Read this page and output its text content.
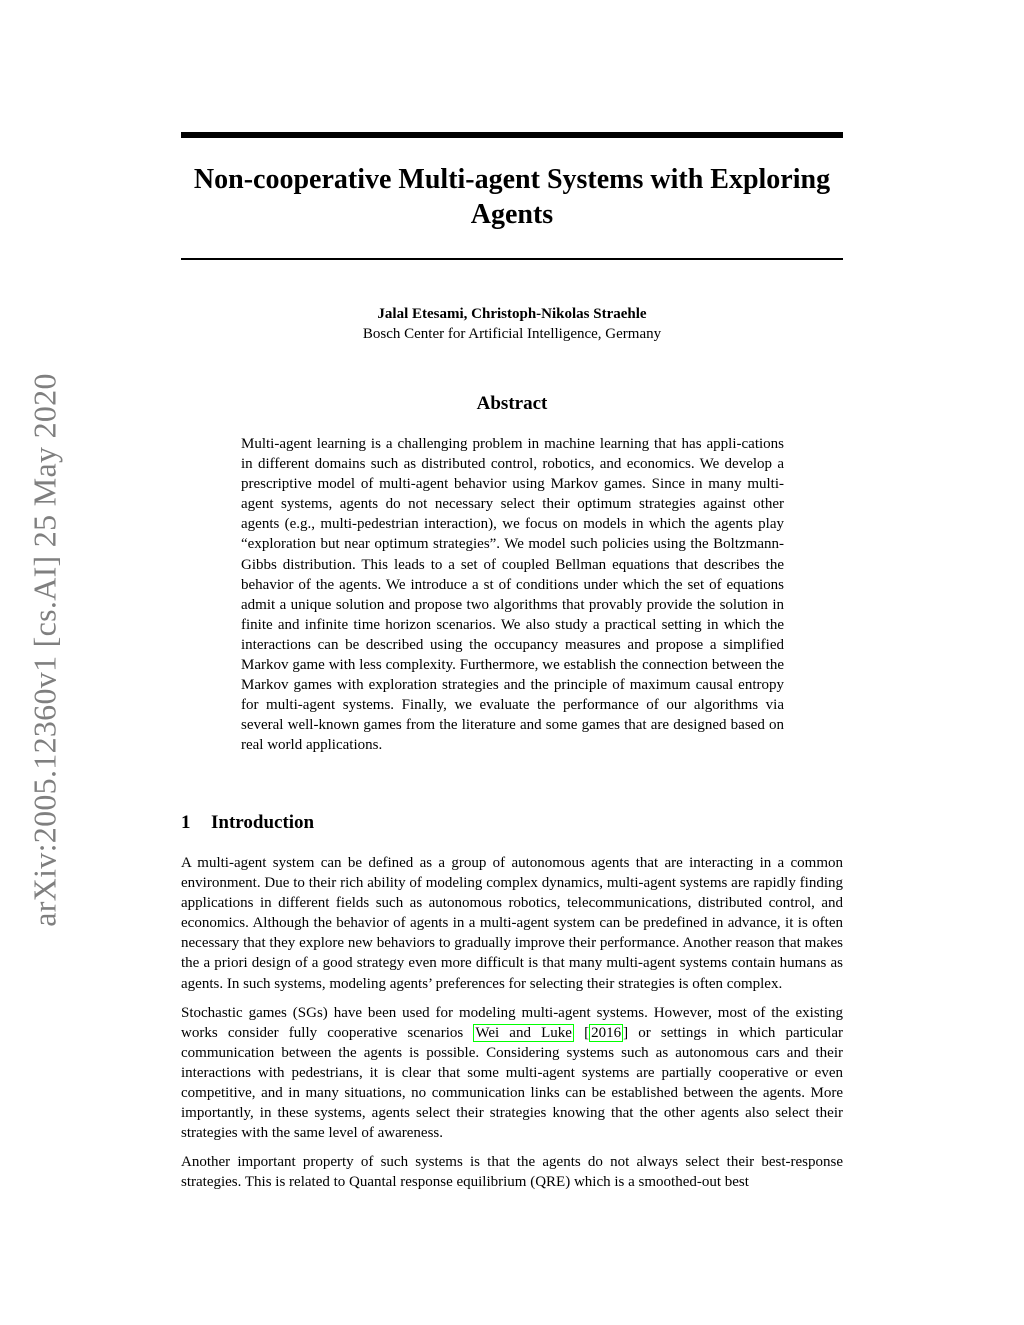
arXiv:2005.12360v1 [cs.AI] 25 May 2020
Non-cooperative Multi-agent Systems with Exploring Agents
Jalal Etesami, Christoph-Nikolas Straehle
Bosch Center for Artificial Intelligence, Germany
Abstract
Multi-agent learning is a challenging problem in machine learning that has appli-cations in different domains such as distributed control, robotics, and economics. We develop a prescriptive model of multi-agent behavior using Markov games. Since in many multi-agent systems, agents do not necessary select their optimum strategies against other agents (e.g., multi-pedestrian interaction), we focus on models in which the agents play “exploration but near optimum strategies”. We model such policies using the Boltzmann-Gibbs distribution. This leads to a set of coupled Bellman equations that describes the behavior of the agents. We introduce a st of conditions under which the set of equations admit a unique solution and propose two algorithms that provably provide the solution in finite and infinite time horizon scenarios. We also study a practical setting in which the interactions can be described using the occupancy measures and propose a simplified Markov game with less complexity. Furthermore, we establish the connection between the Markov games with exploration strategies and the principle of maximum causal entropy for multi-agent systems. Finally, we evaluate the performance of our algorithms via several well-known games from the literature and some games that are designed based on real world applications.
1 Introduction

A multi-agent system can be defined as a group of autonomous agents that are interacting in a common environment. Due to their rich ability of modeling complex dynamics, multi-agent systems are rapidly finding applications in different fields such as autonomous robotics, telecommunications, distributed control, and economics. Although the behavior of agents in a multi-agent system can be predefined in advance, it is often necessary that they explore new behaviors to gradually improve their performance. Another reason that makes the a priori design of a good strategy even more difficult is that many multi-agent systems contain humans as agents. In such systems, modeling agents’ preferences for selecting their strategies is often complex.

Stochastic games (SGs) have been used for modeling multi-agent systems. However, most of the existing works consider fully cooperative scenarios Wei and Luke [ 2016 ] or settings in which particular communication between the agents is possible. Considering systems such as autonomous cars and their interactions with pedestrians, it is clear that some multi-agent systems are partially cooperative or even competitive, and in many situations, no communication links can be established between the agents. More importantly, in these systems, agents select their strategies knowing that the other agents also select their strategies with the same level of awareness.

Another important property of such systems is that the agents do not always select their best-response strategies. This is related to Quantal response equilibrium (QRE) which is a smoothed-out best
